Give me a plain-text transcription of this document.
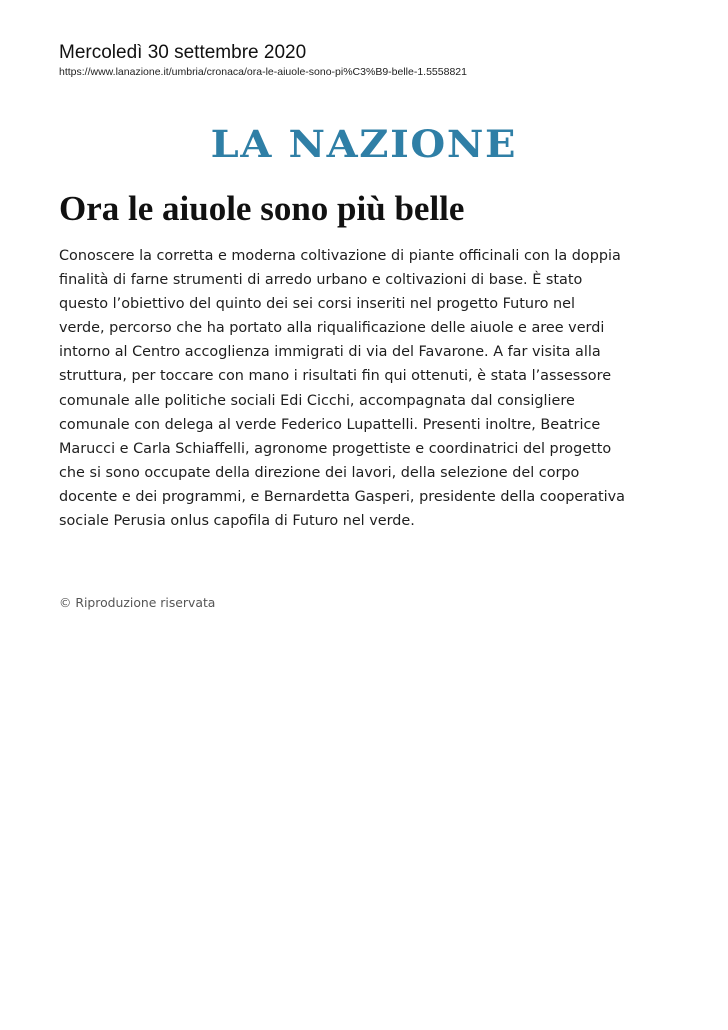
Mercoledì 30 settembre 2020
https://www.lanazione.it/umbria/cronaca/ora-le-aiuole-sono-pi%C3%B9-belle-1.5558821
LA NAZIONE
Ora le aiuole sono più belle
Conoscere la corretta e moderna coltivazione di piante officinali con la doppia
finalità di farne strumenti di arredo urbano e coltivazioni di base. È stato
questo l’obiettivo del quinto dei sei corsi inseriti nel progetto Futuro nel
verde, percorso che ha portato alla riqualificazione delle aiuole e aree verdi
intorno al Centro accoglienza immigrati di via del Favarone. A far visita alla
struttura, per toccare con mano i risultati fin qui ottenuti, è stata l’assessore
comunale alle politiche sociali Edi Cicchi, accompagnata dal consigliere
comunale con delega al verde Federico Lupattelli. Presenti inoltre, Beatrice
Marucci e Carla Schiaffelli, agronome progettiste e coordinatrici del progetto
che si sono occupate della direzione dei lavori, della selezione del corpo
docente e dei programmi, e Bernardetta Gasperi, presidente della cooperativa
sociale Perusia onlus capofila di Futuro nel verde.
© Riproduzione riservata
